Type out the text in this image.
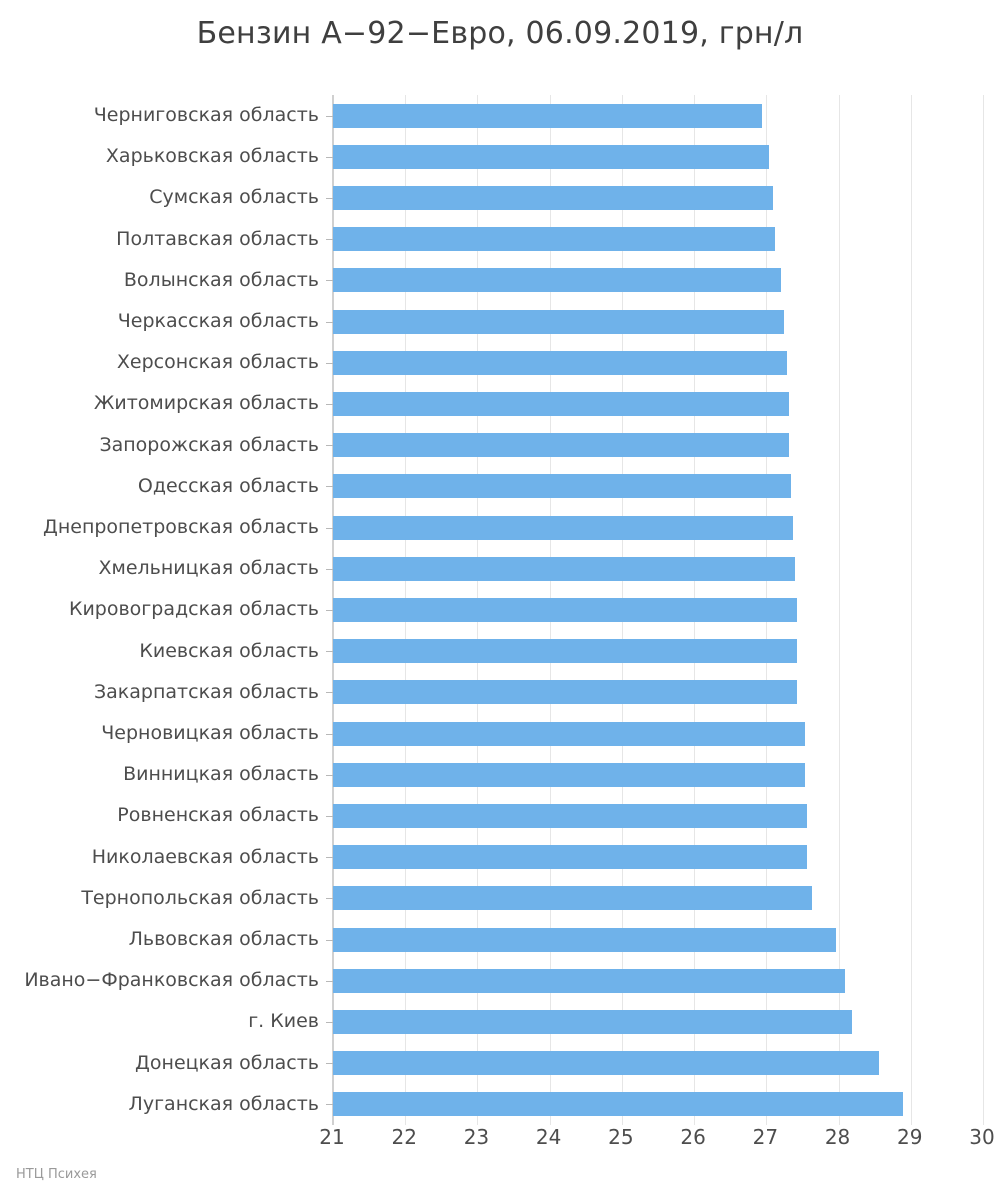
Бензин А−92−Евро, 06.09.2019, грн/л
Черниговская область
Харьковская область
Сумская область
Полтавская область
Волынская область
Черкасская область
Херсонская область
Житомирская область
Запорожская область
Одесская область
Днепропетровская область
Хмельницкая область
Кировоградская область
Киевская область
Закарпатская область
Черновицкая область
Винницкая область
Ровненская область
Николаевская область
Тернопольская область
Львовская область
Ивано−Франковская область
г. Киев
Донецкая область
Луганская область
21 22 23 24 25 26 27 28 29 30
НТЦ Психея
